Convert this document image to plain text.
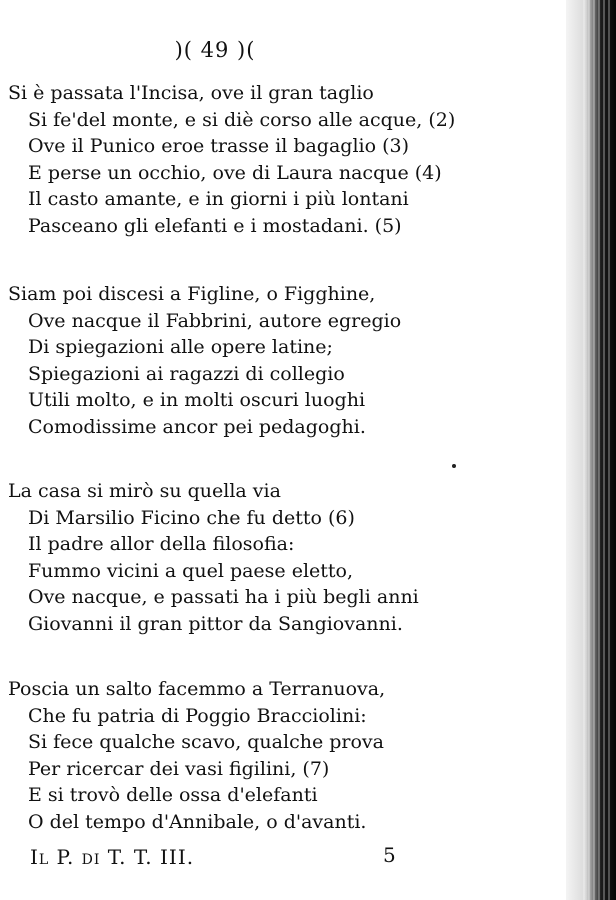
)( 49 )(
Si è passata l'Incisa, ove il gran taglio
Si fe'del monte, e si diè corso alle acque, (2)
Ove il Punico eroe trasse il bagaglio (3)
E perse un occhio, ove di Laura nacque (4)
Il casto amante, e in giorni i più lontani
Pasceano gli elefanti e i mostadani. (5)
Siam poi discesi a Figline, o Figghine,
Ove nacque il Fabbrini, autore egregio
Di spiegazioni alle opere latine;
Spiegazioni ai ragazzi di collegio
Utili molto, e in molti oscuri luoghi
Comodissime ancor pei pedagoghi.
La casa si mirò su quella via
Di Marsilio Ficino che fu detto (6)
Il padre allor della filosofia:
Fummo vicini a quel paese eletto,
Ove nacque, e passati ha i più begli anni
Giovanni il gran pittor da Sangiovanni.
Poscia un salto facemmo a Terranuova,
Che fu patria di Poggio Bracciolini:
Si fece qualche scavo, qualche prova
Per ricercar dei vasi figilini, (7)
E si trovò delle ossa d'elefanti
O del tempo d'Annibale, o d'avanti.
Il P. di T. T. III.	5
